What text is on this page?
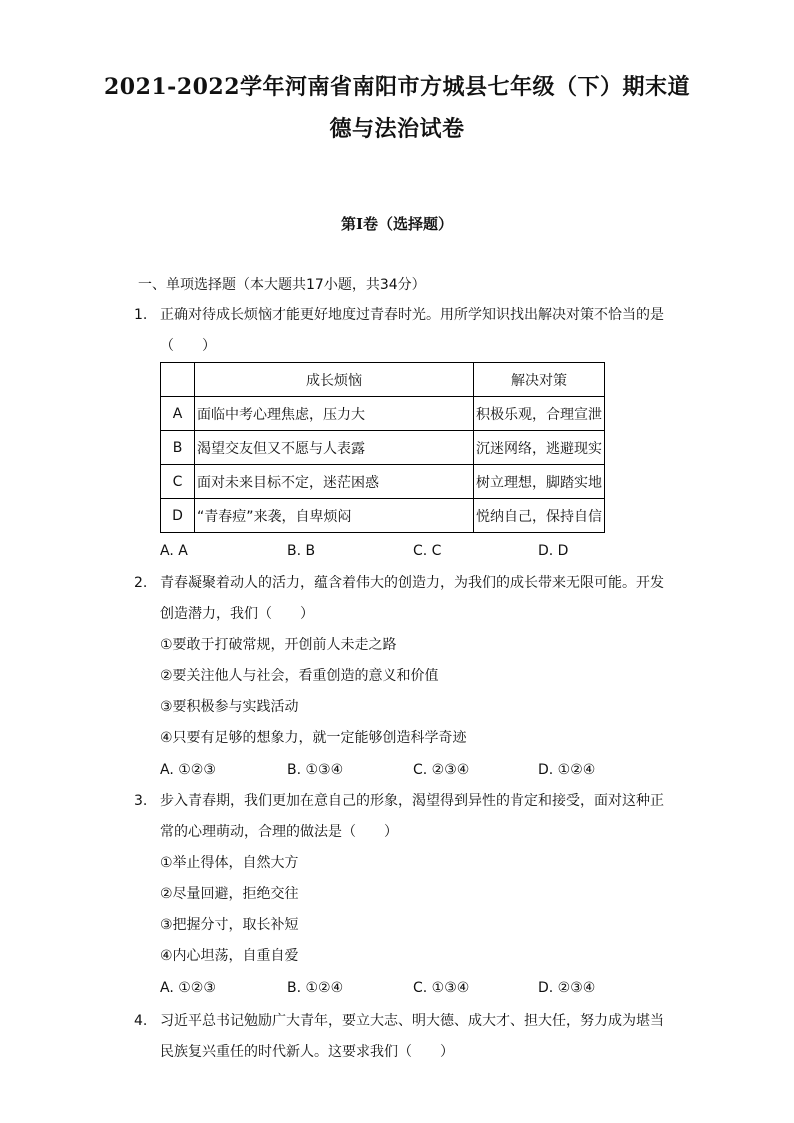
2021-2022学年河南省南阳市方城县七年级（下）期末道
德与法治试卷
第I卷（选择题）
一、单项选择题（本大题共17小题，共34分）
1. 正确对待成长烦恼才能更好地度过青春时光。用所学知识找出解决对策不恰当的是
（　　）
	成长烦恼	解决对策
A	面临中考心理焦虑，压力大	积极乐观，合理宣泄
B	渴望交友但又不愿与人表露	沉迷网络，逃避现实
C	面对未来目标不定，迷茫困惑	树立理想，脚踏实地
D	“青春痘”来袭，自卑烦闷	悦纳自己，保持自信
A. A	B. B	C. C	D. D
2. 青春凝聚着动人的活力，蕴含着伟大的创造力，为我们的成长带来无限可能。开发
创造潜力，我们（　　）
①要敢于打破常规，开创前人未走之路
②要关注他人与社会，看重创造的意义和价值
③要积极参与实践活动
④只要有足够的想象力，就一定能够创造科学奇迹
A. ①②③	B. ①③④	C. ②③④	D. ①②④
3. 步入青春期，我们更加在意自己的形象，渴望得到异性的肯定和接受，面对这种正
常的心理萌动，合理的做法是（　　）
①举止得体，自然大方
②尽量回避，拒绝交往
③把握分寸，取长补短
④内心坦荡，自重自爱
A. ①②③	B. ①②④	C. ①③④	D. ②③④
4. 习近平总书记勉励广大青年，要立大志、明大德、成大才、担大任，努力成为堪当
民族复兴重任的时代新人。这要求我们（　　）
